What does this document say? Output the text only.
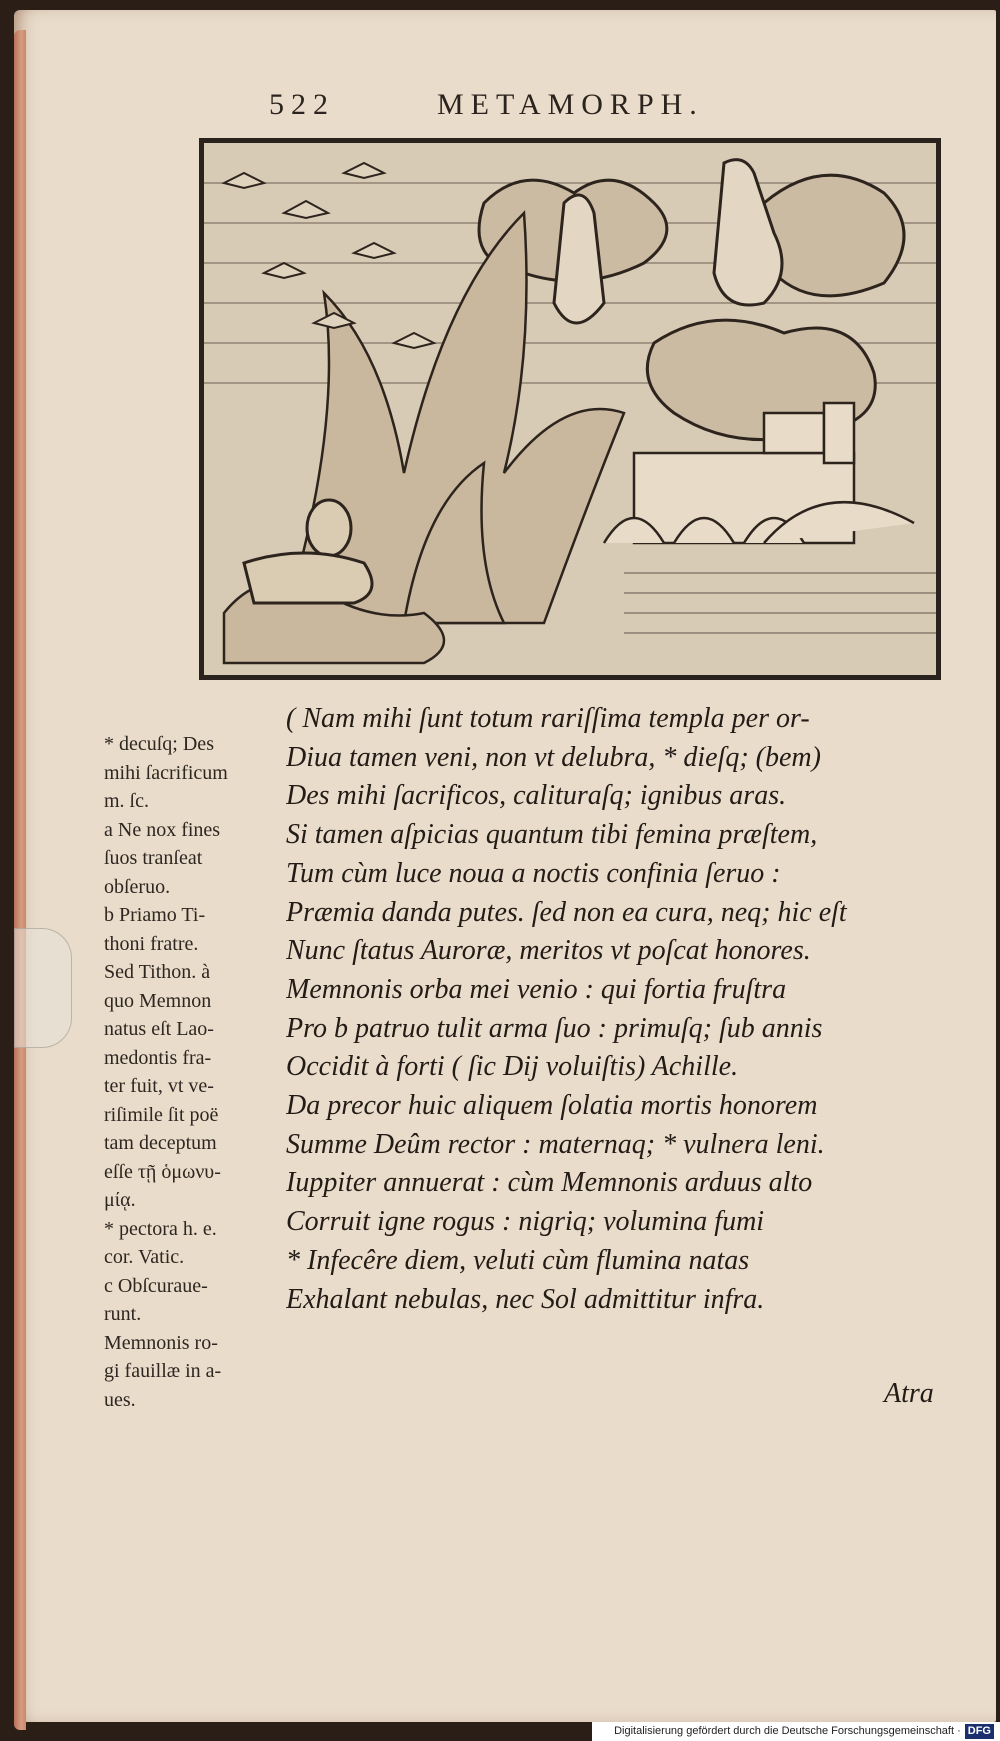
522	METAMORPH.
* decuſq; Des
mihi ſacrificum
m. ſc.
a Ne nox fines
ſuos tranſeat
obſeruo.
b Priamo Ti-
thoni fratre.
Sed Tithon. à
quo Memnon
natus eſt Lao-
medontis fra-
ter fuit, vt ve-
riſimile ſit poë
tam deceptum
eſſe τῇ ὁμωνυ-
μίᾳ.
* pectora h. e.
cor. Vatic.
c Obſcuraue-
runt.
Memnonis ro-
gi fauillæ in a-
ues.
( Nam mihi ſunt totum rariſſima templa per or-
Diua tamen veni, non vt delubra, * dieſq; (bem)
Des mihi ſacrificos, calituraſq; ignibus aras.
Si tamen aſpicias quantum tibi femina præſtem,
Tum cùm luce noua a noctis confinia ſeruo :
Præmia danda putes. ſed non ea cura, neq; hic eſt
Nunc ſtatus Auroræ, meritos vt poſcat honores.
Memnonis orba mei venio : qui fortia fruſtra
Pro b patruo tulit arma ſuo : primuſq; ſub annis
Occidit à forti ( ſic Dij voluiſtis) Achille.
Da precor huic aliquem ſolatia mortis honorem
Summe Deûm rector : maternaq; * vulnera leni.
Iuppiter annuerat : cùm Memnonis arduus alto
Corruit igne rogus : nigriq; volumina fumi
* Infecêre diem, veluti cùm flumina natas
Exhalant nebulas, nec Sol admittitur infra.
Atra
Digitalisierung gefördert durch die Deutsche Forschungsgemeinschaft · DFG
